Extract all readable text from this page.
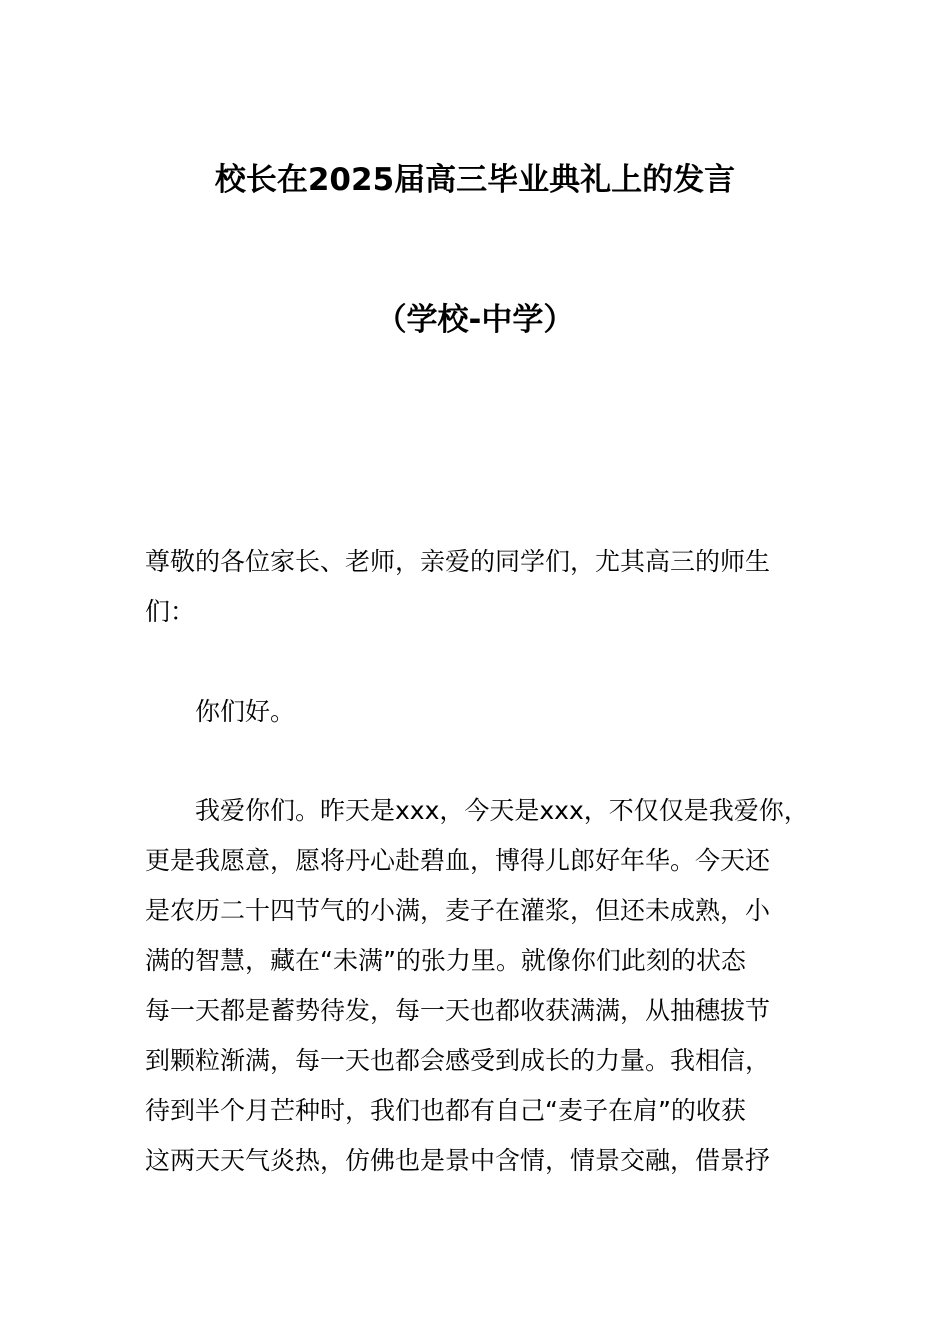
校长在2025届高三毕业典礼上的发言
（学校-中学）
尊敬的各位家长、老师，亲爱的同学们，尤其高三的师生
们：
你们好。
我爱你们。昨天是xxx，今天是xxx，不仅仅是我爱你，
更是我愿意，愿将丹心赴碧血，博得儿郎好年华。今天还
是农历二十四节气的小满，麦子在灌浆，但还未成熟，小
满的智慧，藏在“未满”的张力里。就像你们此刻的状态
每一天都是蓄势待发，每一天也都收获满满，从抽穗拔节
到颗粒渐满，每一天也都会感受到成长的力量。我相信，
待到半个月芒种时，我们也都有自己“麦子在肩”的收获
这两天天气炎热，仿佛也是景中含情，情景交融，借景抒
